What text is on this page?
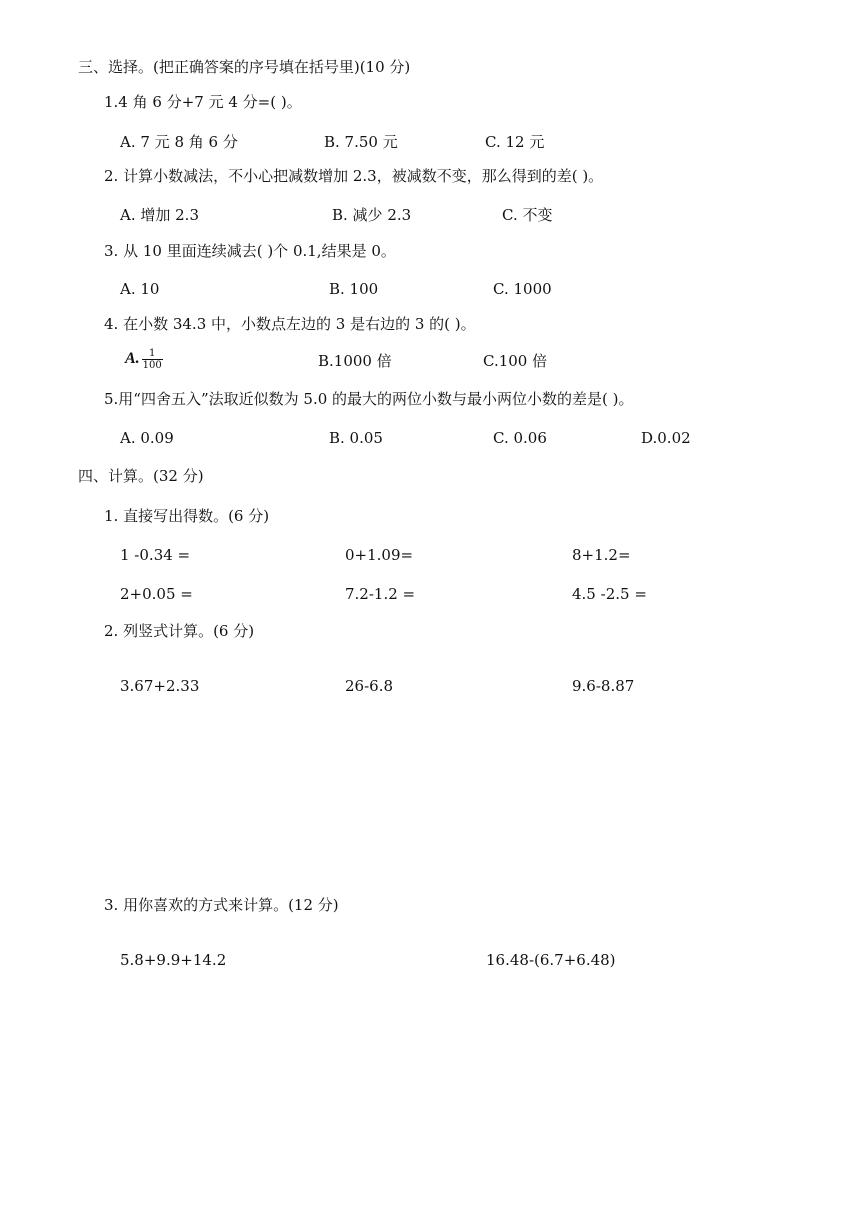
三、选择。(把正确答案的序号填在括号里)(10 分)
1.4 角 6 分+7 元 4 分=( )。
A. 7 元 8 角 6 分	B. 7.50 元	C. 12 元
2. 计算小数减法，不小心把减数增加 2.3，被减数不变，那么得到的差( )。
A. 增加 2.3	B. 减少 2.3	C. 不变
3. 从 10 里面连续减去( )个 0.1,结果是 0。
A. 10	B. 100	C. 1000
4. 在小数 34.3 中，小数点左边的 3 是右边的 3 的( )。
A. $\frac{1}{100}$	B.1000 倍	C.100 倍
5.用“四舍五入”法取近似数为 5.0 的最大的两位小数与最小两位小数的差是( )。
A. 0.09	B. 0.05	C. 0.06	D.0.02
四、计算。(32 分)
1. 直接写出得数。(6 分)
1 -0.34 =	0+1.09=	8+1.2=
2+0.05 =	7.2-1.2 =	4.5 -2.5 =
2. 列竖式计算。(6 分)
3.67+2.33	26-6.8	9.6-8.87
3. 用你喜欢的方式来计算。(12 分)
5.8+9.9+14.2	16.48-(6.7+6.48)
